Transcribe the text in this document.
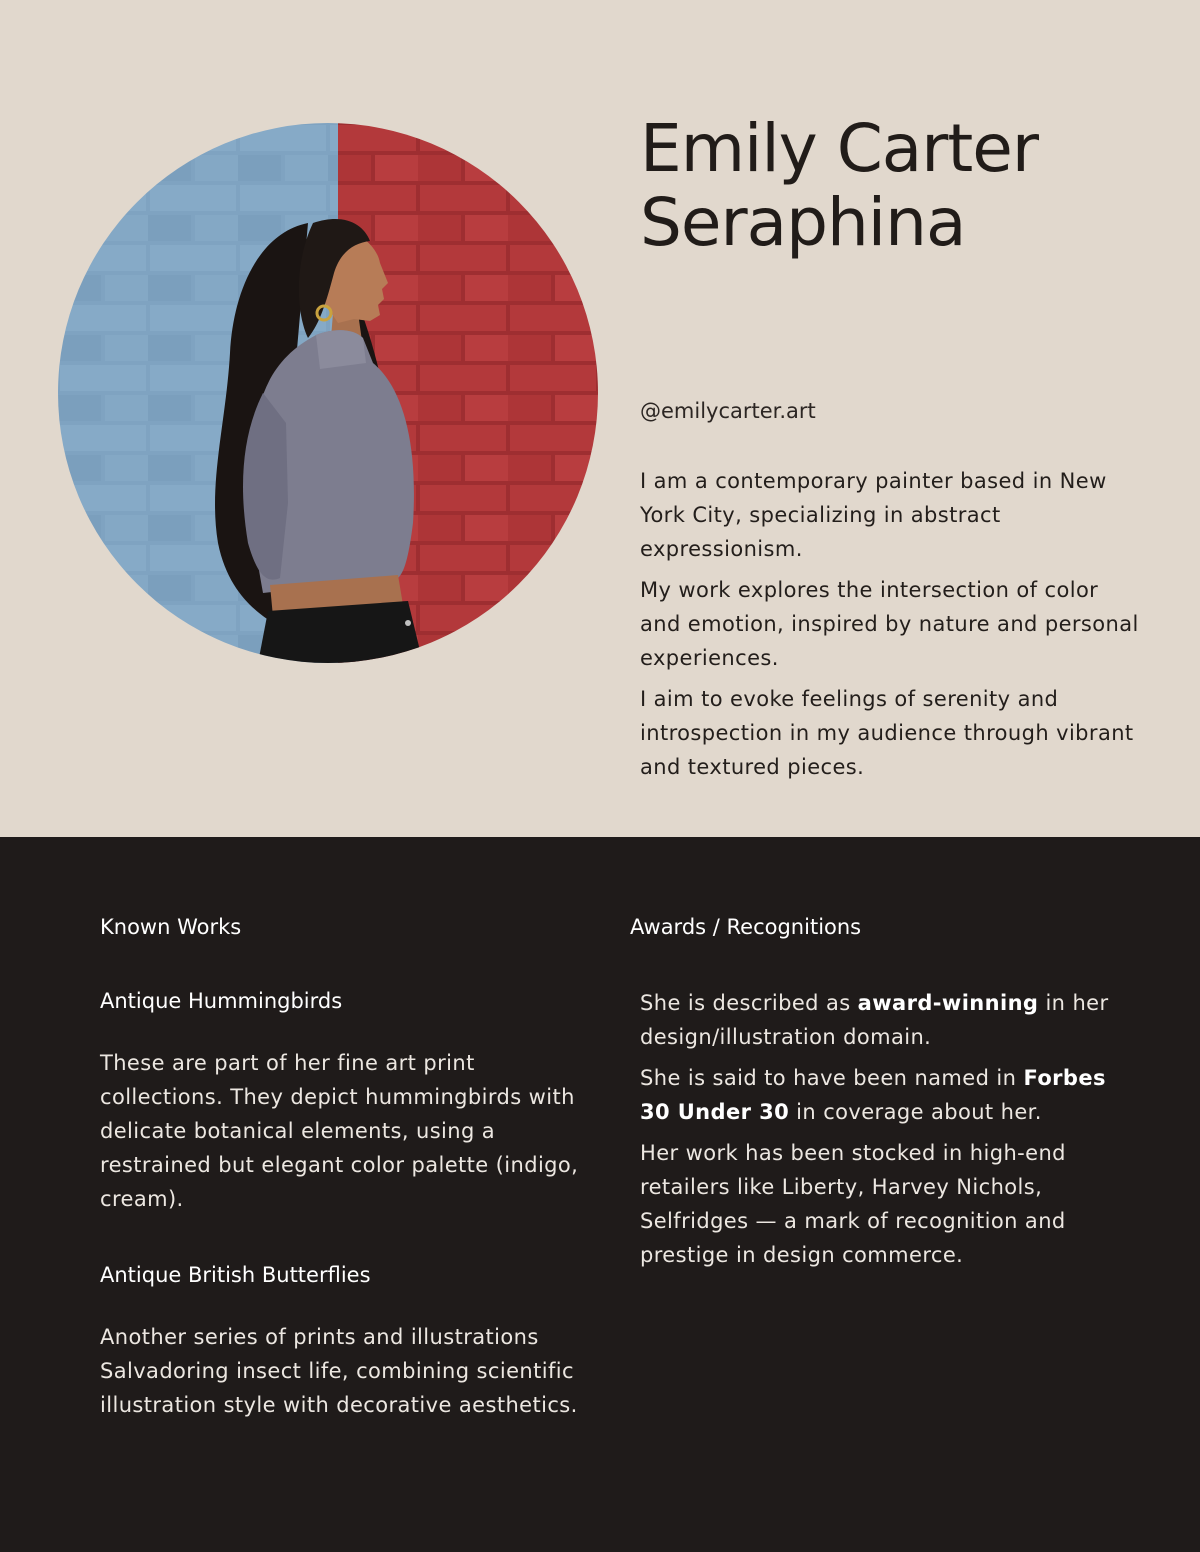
Emily Carter
Seraphina
@emilycarter.art

I am a contemporary painter based in New York City, specializing in abstract expressionism.

My work explores the intersection of color and emotion, inspired by nature and personal experiences.

I aim to evoke feelings of serenity and introspection in my audience through vibrant and textured pieces.

Known Works
Antique Hummingbirds

These are part of her fine art print collections. They depict hummingbirds with delicate botanical elements, using a restrained but elegant color palette (indigo, cream).

Antique British Butterflies

Another series of prints and illustrations Salvadoring insect life, combining scientific illustration style with decorative aesthetics.

Awards / Recognitions

She is described as award-winning in her design/illustration domain.

She is said to have been named in Forbes 30 Under 30 in coverage about her.

Her work has been stocked in high-end retailers like Liberty, Harvey Nichols, Selfridges — a mark of recognition and prestige in design commerce.
